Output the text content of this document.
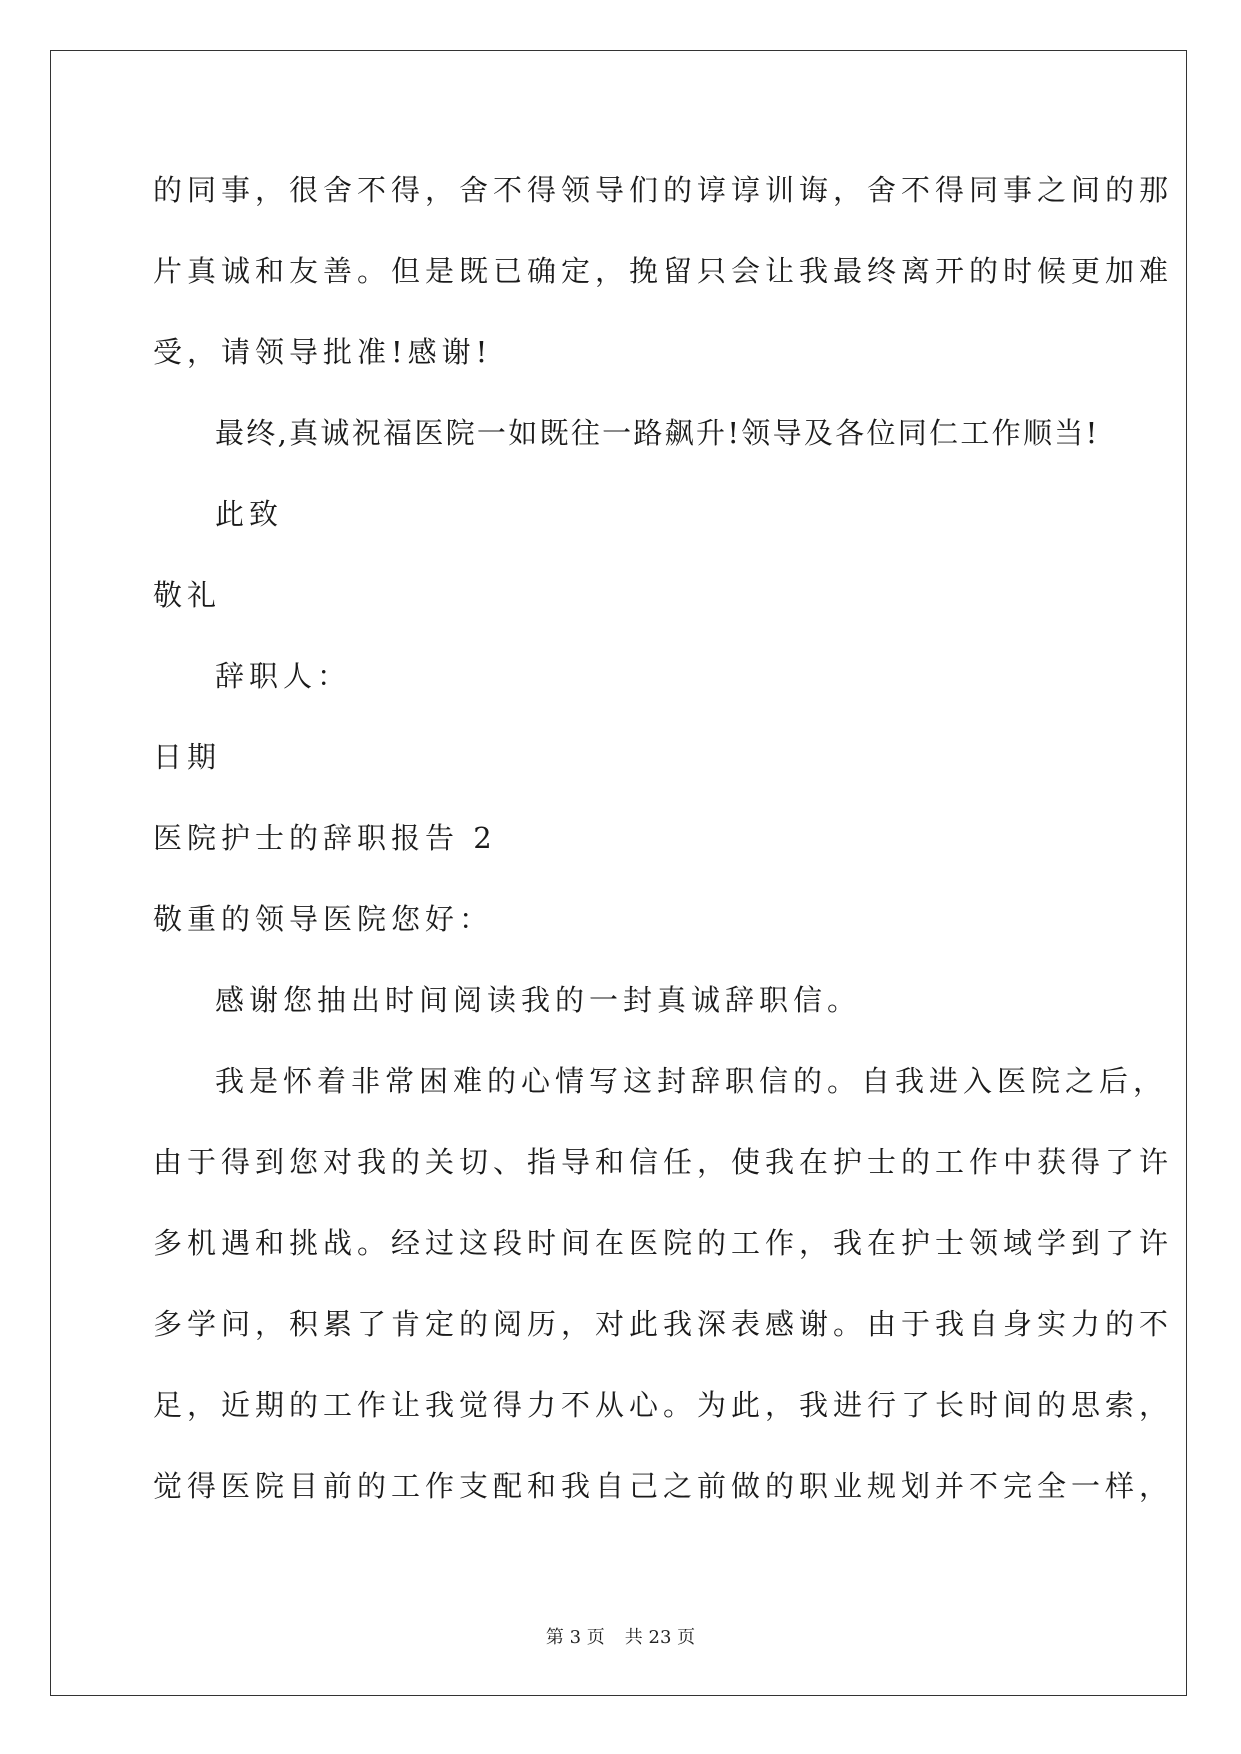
的同事，很舍不得，舍不得领导们的谆谆训诲，舍不得同事之间的那
片真诚和友善。但是既已确定，挽留只会让我最终离开的时候更加难
受，请领导批准!感谢!
最终,真诚祝福医院一如既往一路飙升!领导及各位同仁工作顺当!
此致
敬礼
辞职人：
日期
医院护士的辞职报告 2
敬重的领导医院您好：
感谢您抽出时间阅读我的一封真诚辞职信。
我是怀着非常困难的心情写这封辞职信的。自我进入医院之后，
由于得到您对我的关切、指导和信任，使我在护士的工作中获得了许
多机遇和挑战。经过这段时间在医院的工作，我在护士领域学到了许
多学问，积累了肯定的阅历，对此我深表感谢。由于我自身实力的不
足，近期的工作让我觉得力不从心。为此，我进行了长时间的思索，
觉得医院目前的工作支配和我自己之前做的职业规划并不完全一样，
第 3 页 共 23 页
